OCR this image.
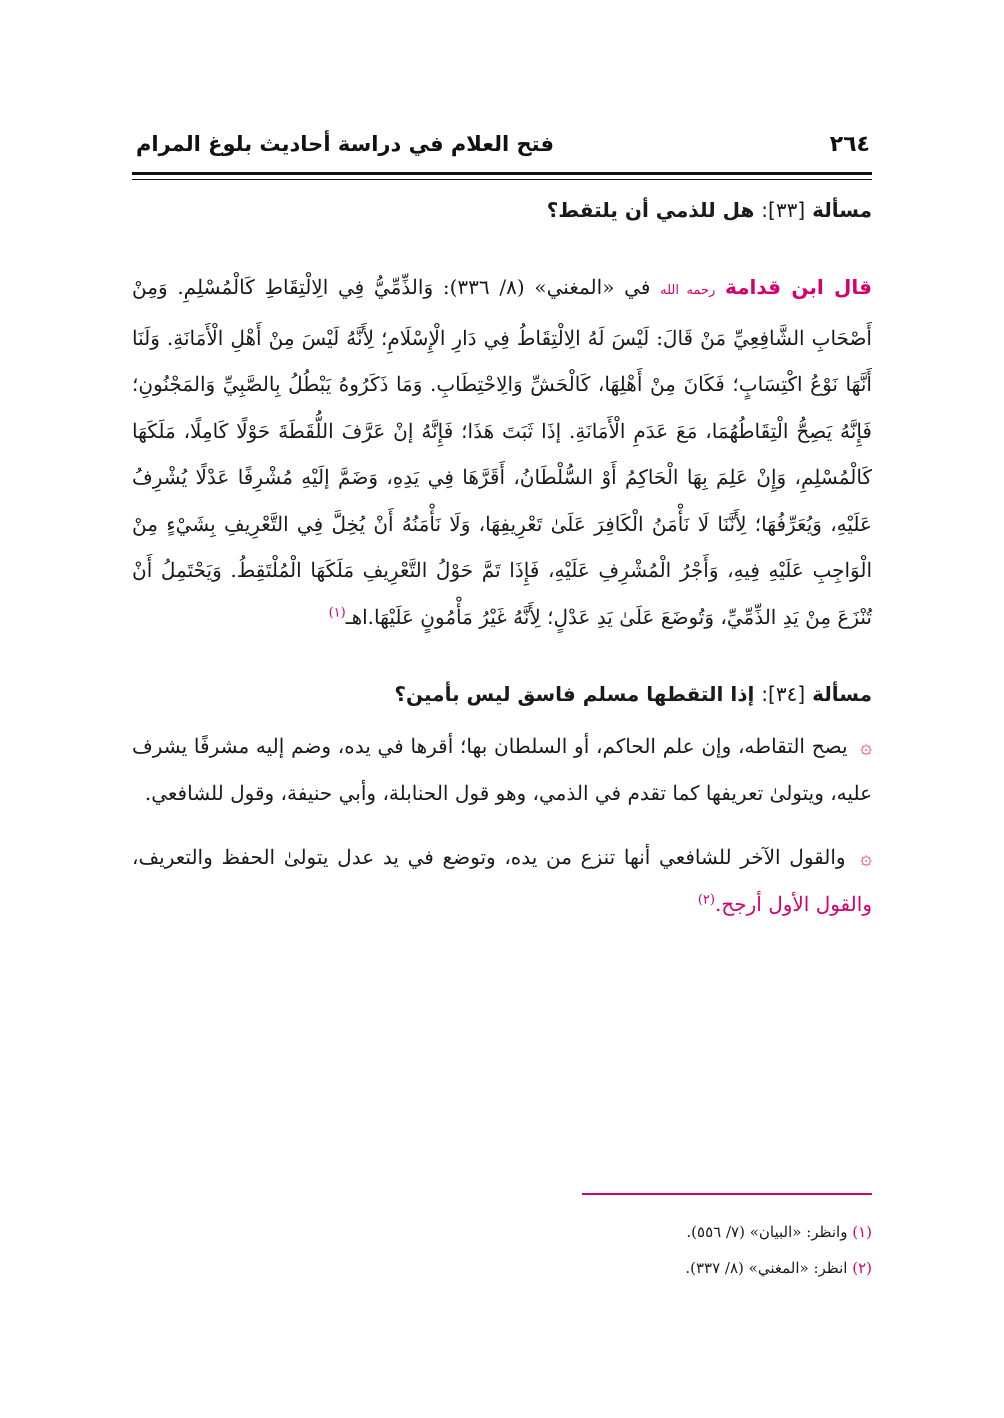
٢٦٤
فتح العلام في دراسة أحاديث بلوغ المرام

مسألة [٣٣]: هل للذمي أن يلتقط؟

قال ابن قدامة رحمه الله في «المغني» (٨/ ٣٣٦): وَالذِّمِّيُّ فِي الِالْتِقَاطِ كَالْمُسْلِمِ. وَمِنْ أَصْحَابِ الشَّافِعِيِّ مَنْ قَالَ: لَيْسَ لَهُ الِالْتِقَاطُ فِي دَارِ الْإِسْلَامِ؛ لِأَنَّهُ لَيْسَ مِنْ أَهْلِ الْأَمَانَةِ. وَلَنَا أَنَّهَا نَوْعُ اكْتِسَابٍ؛ فَكَانَ مِنْ أَهْلِهَا، كَالْحَشِّ وَالِاحْتِطَابِ. وَمَا ذَكَرُوهُ يَبْطُلُ بِالصَّبِيِّ وَالمَجْنُونِ؛ فَإِنَّهُ يَصِحُّ الْتِقَاطُهُمَا، مَعَ عَدَمِ الْأَمَانَةِ. إذَا ثَبَتَ هَذَا؛ فَإِنَّهُ إنْ عَرَّفَ اللُّقَطَةَ حَوْلًا كَامِلًا، مَلَكَهَا كَالْمُسْلِمِ، وَإِنْ عَلِمَ بِهَا الْحَاكِمُ أَوْ السُّلْطَانُ، أَقَرَّهَا فِي يَدِهِ، وَضَمَّ إلَيْهِ مُشْرِفًا عَدْلًا يُشْرِفُ عَلَيْهِ، وَيُعَرِّفُهَا؛ لِأَنَّنَا لَا نَأْمَنُ الْكَافِرَ عَلَىٰ تَعْرِيفِهَا، وَلَا نَأْمَنُهُ أَنْ يُخِلَّ فِي التَّعْرِيفِ بِشَيْءٍ مِنْ الْوَاجِبِ عَلَيْهِ فِيهِ، وَأَجْرُ الْمُشْرِفِ عَلَيْهِ، فَإِذَا تَمَّ حَوْلُ التَّعْرِيفِ مَلَكَهَا الْمُلْتَقِطُ. وَيَحْتَمِلُ أَنْ تُنْزَعَ مِنْ يَدِ الذِّمِّيِّ، وَتُوضَعَ عَلَىٰ يَدِ عَدْلٍ؛ لِأَنَّهُ غَيْرُ مَأْمُونٍ عَلَيْهَا.اهـ$^{(١)}$

مسألة [٣٤]: إذا التقطها مسلم فاسق ليس بأمين؟

۞ يصح التقاطه، وإن علم الحاكم، أو السلطان بها؛ أقرها في يده، وضم إليه مشرفًا يشرف عليه، ويتولىٰ تعريفها كما تقدم في الذمي، وهو قول الحنابلة، وأبي حنيفة، وقول للشافعي.

۞ والقول الآخر للشافعي أنها تنزع من يده، وتوضع في يد عدل يتولىٰ الحفظ والتعريف، والقول الأول أرجح.$^{(٢)}$

(١) وانظر: «البيان» (٧/ ٥٥٦).

(٢) انظر: «المغني» (٨/ ٣٣٧).
